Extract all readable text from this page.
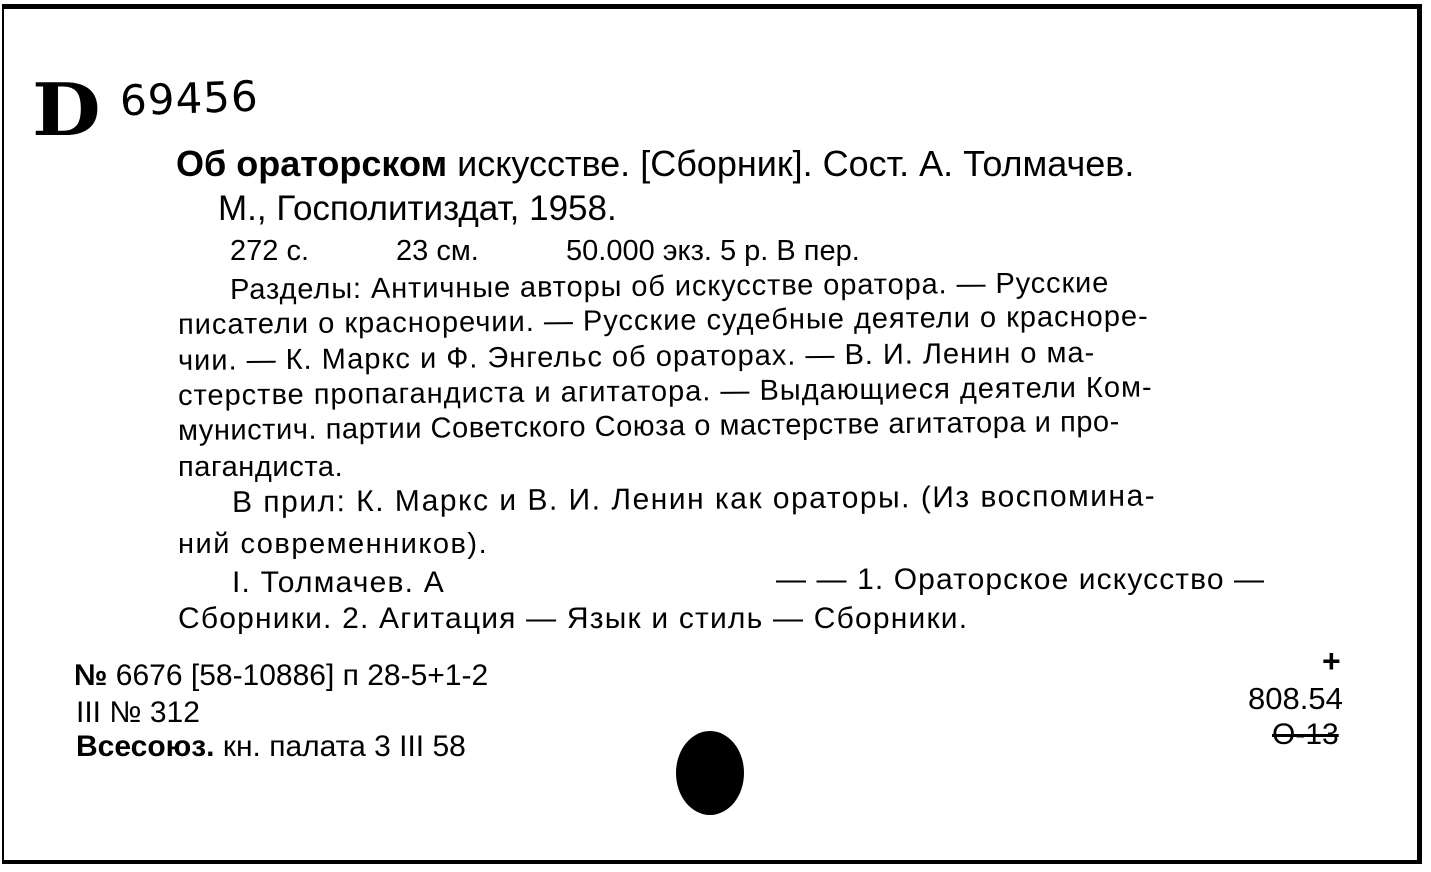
D 69456
Об ораторском искусстве. [Сборник]. Сост. А. Толмачев.
М., Госполитиздат, 1958.
272 с.	23 см.	50.000 экз. 5 р. В пер.
Разделы: Античные авторы об искусстве оратора. — Русские
писатели о красноречии. — Русские судебные деятели о красноре-
чии. — К. Маркс и Ф. Энгельс об ораторах. — В. И. Ленин о ма-
стерстве пропагандиста и агитатора. — Выдающиеся деятели Ком-
мунистич. партии Советского Союза о мастерстве агитатора и про-
пагандиста.
В прил: К. Маркс и В. И. Ленин как ораторы. (Из воспомина-
ний современников).
I. Толмачев. А	— — 1. Ораторское искусство —
Сборники. 2. Агитация — Язык и стиль — Сборники.
№ 6676 [58-10886] п 28-5+1-2
III № 312
Всесоюз. кн. палата 3 III 58
+
808.54
О-13
